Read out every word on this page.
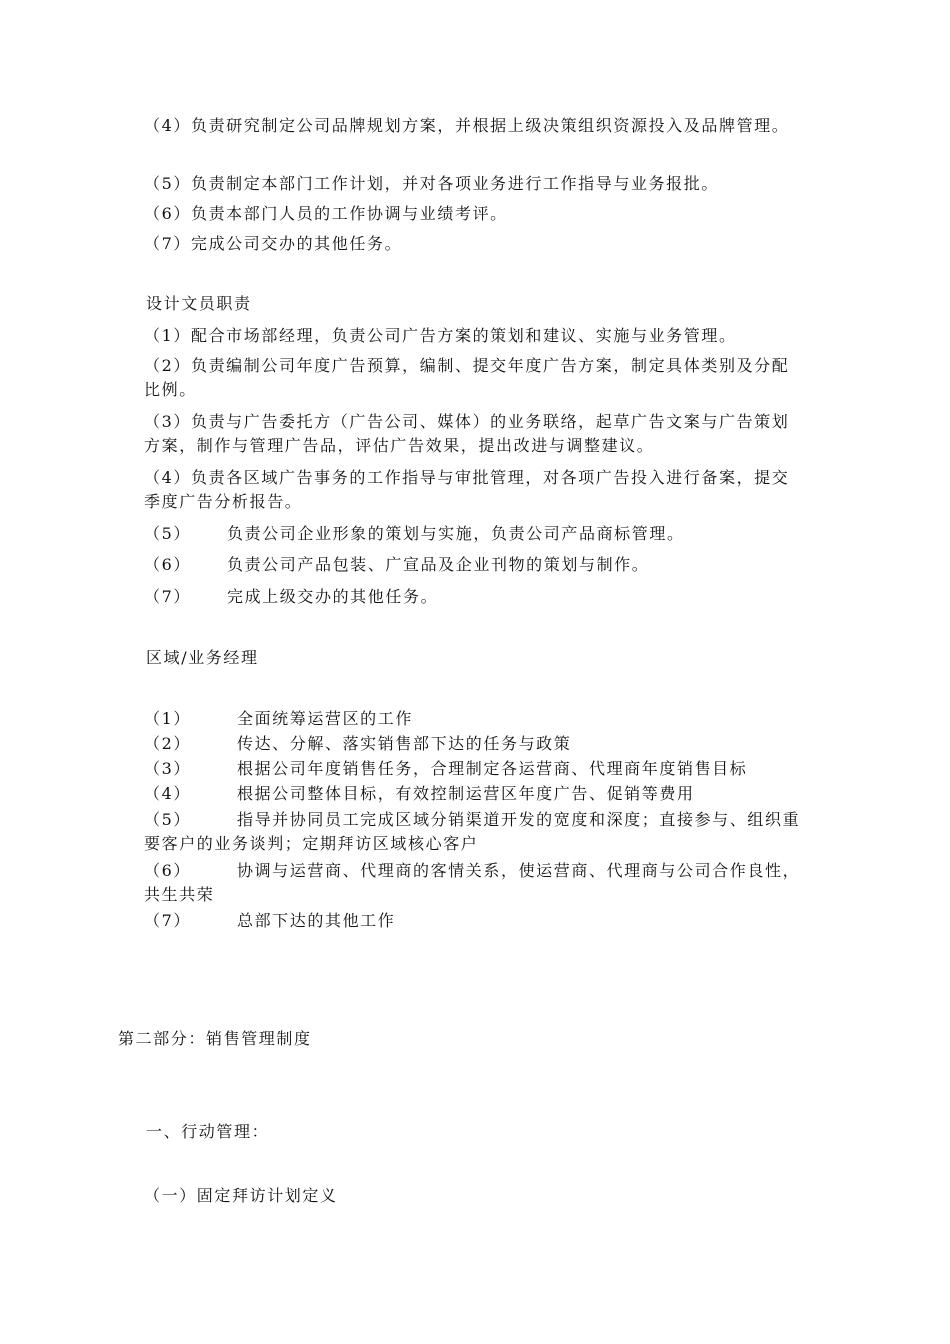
（4）负责研究制定公司品牌规划方案，并根据上级决策组织资源投入及品牌管理。
（5）负责制定本部门工作计划，并对各项业务进行工作指导与业务报批。
（6）负责本部门人员的工作协调与业绩考评。
（7）完成公司交办的其他任务。
设计文员职责
（1）配合市场部经理，负责公司广告方案的策划和建议、实施与业务管理。
（2）负责编制公司年度广告预算，编制、提交年度广告方案，制定具体类别及分配比例。
（3）负责与广告委托方（广告公司、媒体）的业务联络，起草广告文案与广告策划方案，制作与管理广告品，评估广告效果，提出改进与调整建议。
（4）负责各区域广告事务的工作指导与审批管理，对各项广告投入进行备案，提交季度广告分析报告。
（5） 负责公司企业形象的策划与实施，负责公司产品商标管理。
（6） 负责公司产品包装、广宣品及企业刊物的策划与制作。
（7） 完成上级交办的其他任务。
区域/业务经理
（1）	全面统筹运营区的工作
（2）	传达、分解、落实销售部下达的任务与政策
（3）	根据公司年度销售任务，合理制定各运营商、代理商年度销售目标
（4）	根据公司整体目标，有效控制运营区年度广告、促销等费用
（5）	指导并协同员工完成区域分销渠道开发的宽度和深度；直接参与、组织重要客户的业务谈判；定期拜访区域核心客户
（6）	协调与运营商、代理商的客情关系，使运营商、代理商与公司合作良性，共生共荣
（7）	总部下达的其他工作
第二部分：销售管理制度
一、行动管理：
（一）固定拜访计划定义
